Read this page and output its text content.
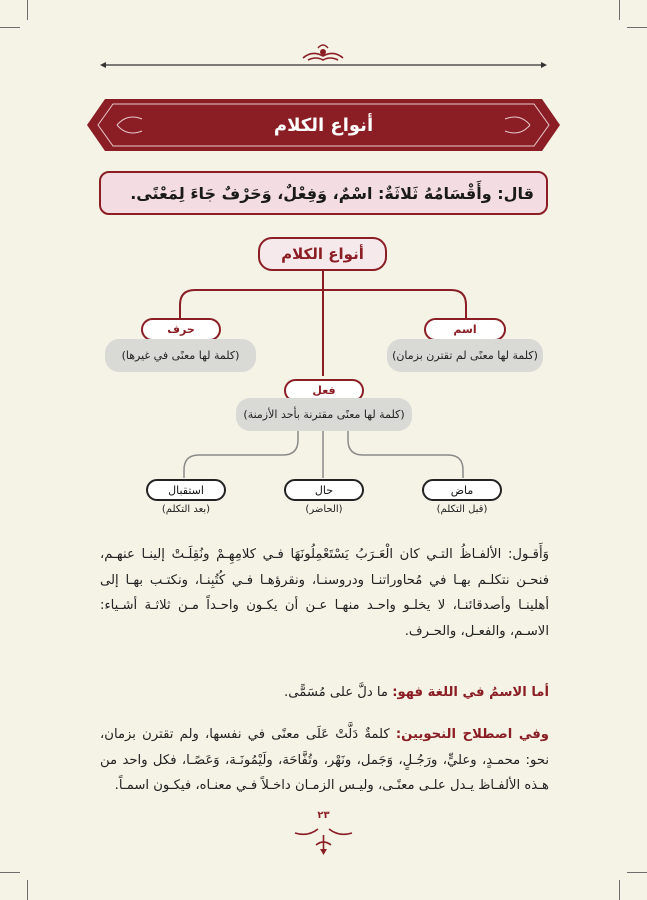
أنواع الكلام
قال: وأَقْسَامُهُ ثَلاثَةٌ: اسْمٌ، وَفِعْلٌ، وَحَرْفٌ جَاءَ لِمَعْنًى.
أنواع الكلام
اسم
(كلمة لها معنًى لم تقترن بزمان)
حرف
(كلمة لها معنًى في غيرها)
فعل
(كلمة لها معنًى مقترنة بأحد الأزمنة)
ماض
(قبل التكلم)
حال
(الحاضر)
استقبال
(بعد التكلم)
وَأَقـول: الألفـاظُ التـي كان الْعَـرَبُ يَسْتَعْمِلُونَهَا فـي كلامِهِـمْ ونُقِلَـتْ إلينـا عنهـم، فنحـن نتكلـم بهـا في مُحاوراتنـا ودروسنـا، ونقرؤهـا فـي كُتُبِنـا، ونكتـب بهـا إلى أهلينـا وأصدقائنـا، لا يخلـو واحـد منهـا عـن أن يكـون واحـداً مـن ثلاثـة أشـياء: الاسـم، والفعـل، والحـرف.
أما الاسمُ في اللغة فهو: ما دلَّ على مُسَمًّى.
وفي اصطلاح النحويين: كلمةٌ دَلَّتْ عَلَى معنًى في نفسها، ولم تقترن بزمان، نحو: محمـدٍ، وعليٍّ، ورَجُـلٍ، وَجَمل، ونَهْر، وتُفَّاحَة، ولَيْمُونَـة، وَعَصًـا، فكل واحد من هـذه الألفـاظ يـدل علـى معنًـى، وليـس الزمـان داخـلاً فـي معنـاه، فيكـون اسمـاً.
٢٣
